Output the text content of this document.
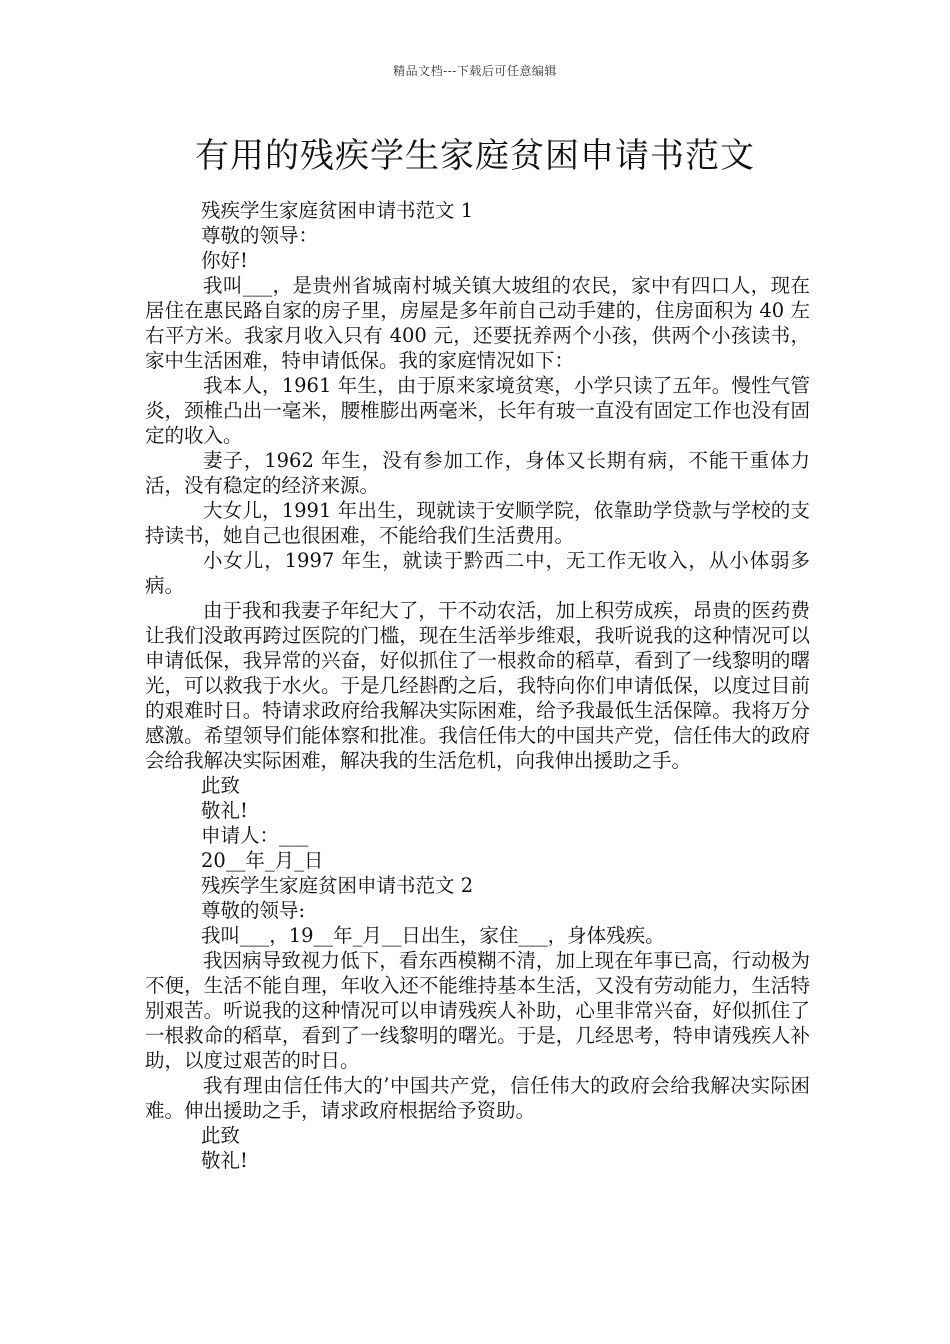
精品文档---下载后可任意编辑
有用的残疾学生家庭贫困申请书范文

残疾学生家庭贫困申请书范文 1

尊敬的领导：

你好!

我叫___，是贵州省城南村城关镇大坡组的农民，家中有四口人，现在居住在惠民路自家的房子里，房屋是多年前自己动手建的，住房面积为 40 左右平方米。我家月收入只有 400 元，还要抚养两个小孩，供两个小孩读书，家中生活困难，特申请低保。我的家庭情况如下：

我本人，1961 年生，由于原来家境贫寒，小学只读了五年。慢性气管炎，颈椎凸出一毫米，腰椎膨出两毫米，长年有玻一直没有固定工作也没有固定的收入。

妻子，1962 年生，没有参加工作，身体又长期有病，不能干重体力活，没有稳定的经济来源。

大女儿，1991 年出生，现就读于安顺学院，依靠助学贷款与学校的支持读书，她自己也很困难，不能给我们生活费用。

小女儿，1997 年生，就读于黔西二中，无工作无收入，从小体弱多病。

由于我和我妻子年纪大了，干不动农活，加上积劳成疾，昂贵的医药费让我们没敢再跨过医院的门槛，现在生活举步维艰，我听说我的这种情况可以申请低保，我异常的兴奋，好似抓住了一根救命的稻草，看到了一线黎明的曙光，可以救我于水火。于是几经斟酌之后，我特向你们申请低保，以度过目前的艰难时日。特请求政府给我解决实际困难，给予我最低生活保障。我将万分感激。希望领导们能体察和批准。我信任伟大的中国共产党，信任伟大的政府会给我解决实际困难，解决我的生活危机，向我伸出援助之手。

此致

敬礼!

申请人：___

20__年_月_日

残疾学生家庭贫困申请书范文 2

尊敬的领导:

我叫___，19__年_月__日出生，家住___，身体残疾。

我因病导致视力低下，看东西模糊不清，加上现在年事已高，行动极为不便，生活不能自理，年收入还不能维持基本生活，又没有劳动能力，生活特别艰苦。听说我的这种情况可以申请残疾人补助，心里非常兴奋，好似抓住了一根救命的稻草，看到了一线黎明的曙光。于是，几经思考，特申请残疾人补助，以度过艰苦的时日。

我有理由信任伟大的’中国共产党，信任伟大的政府会给我解决实际困难。伸出援助之手，请求政府根据给予资助。

此致

敬礼!
